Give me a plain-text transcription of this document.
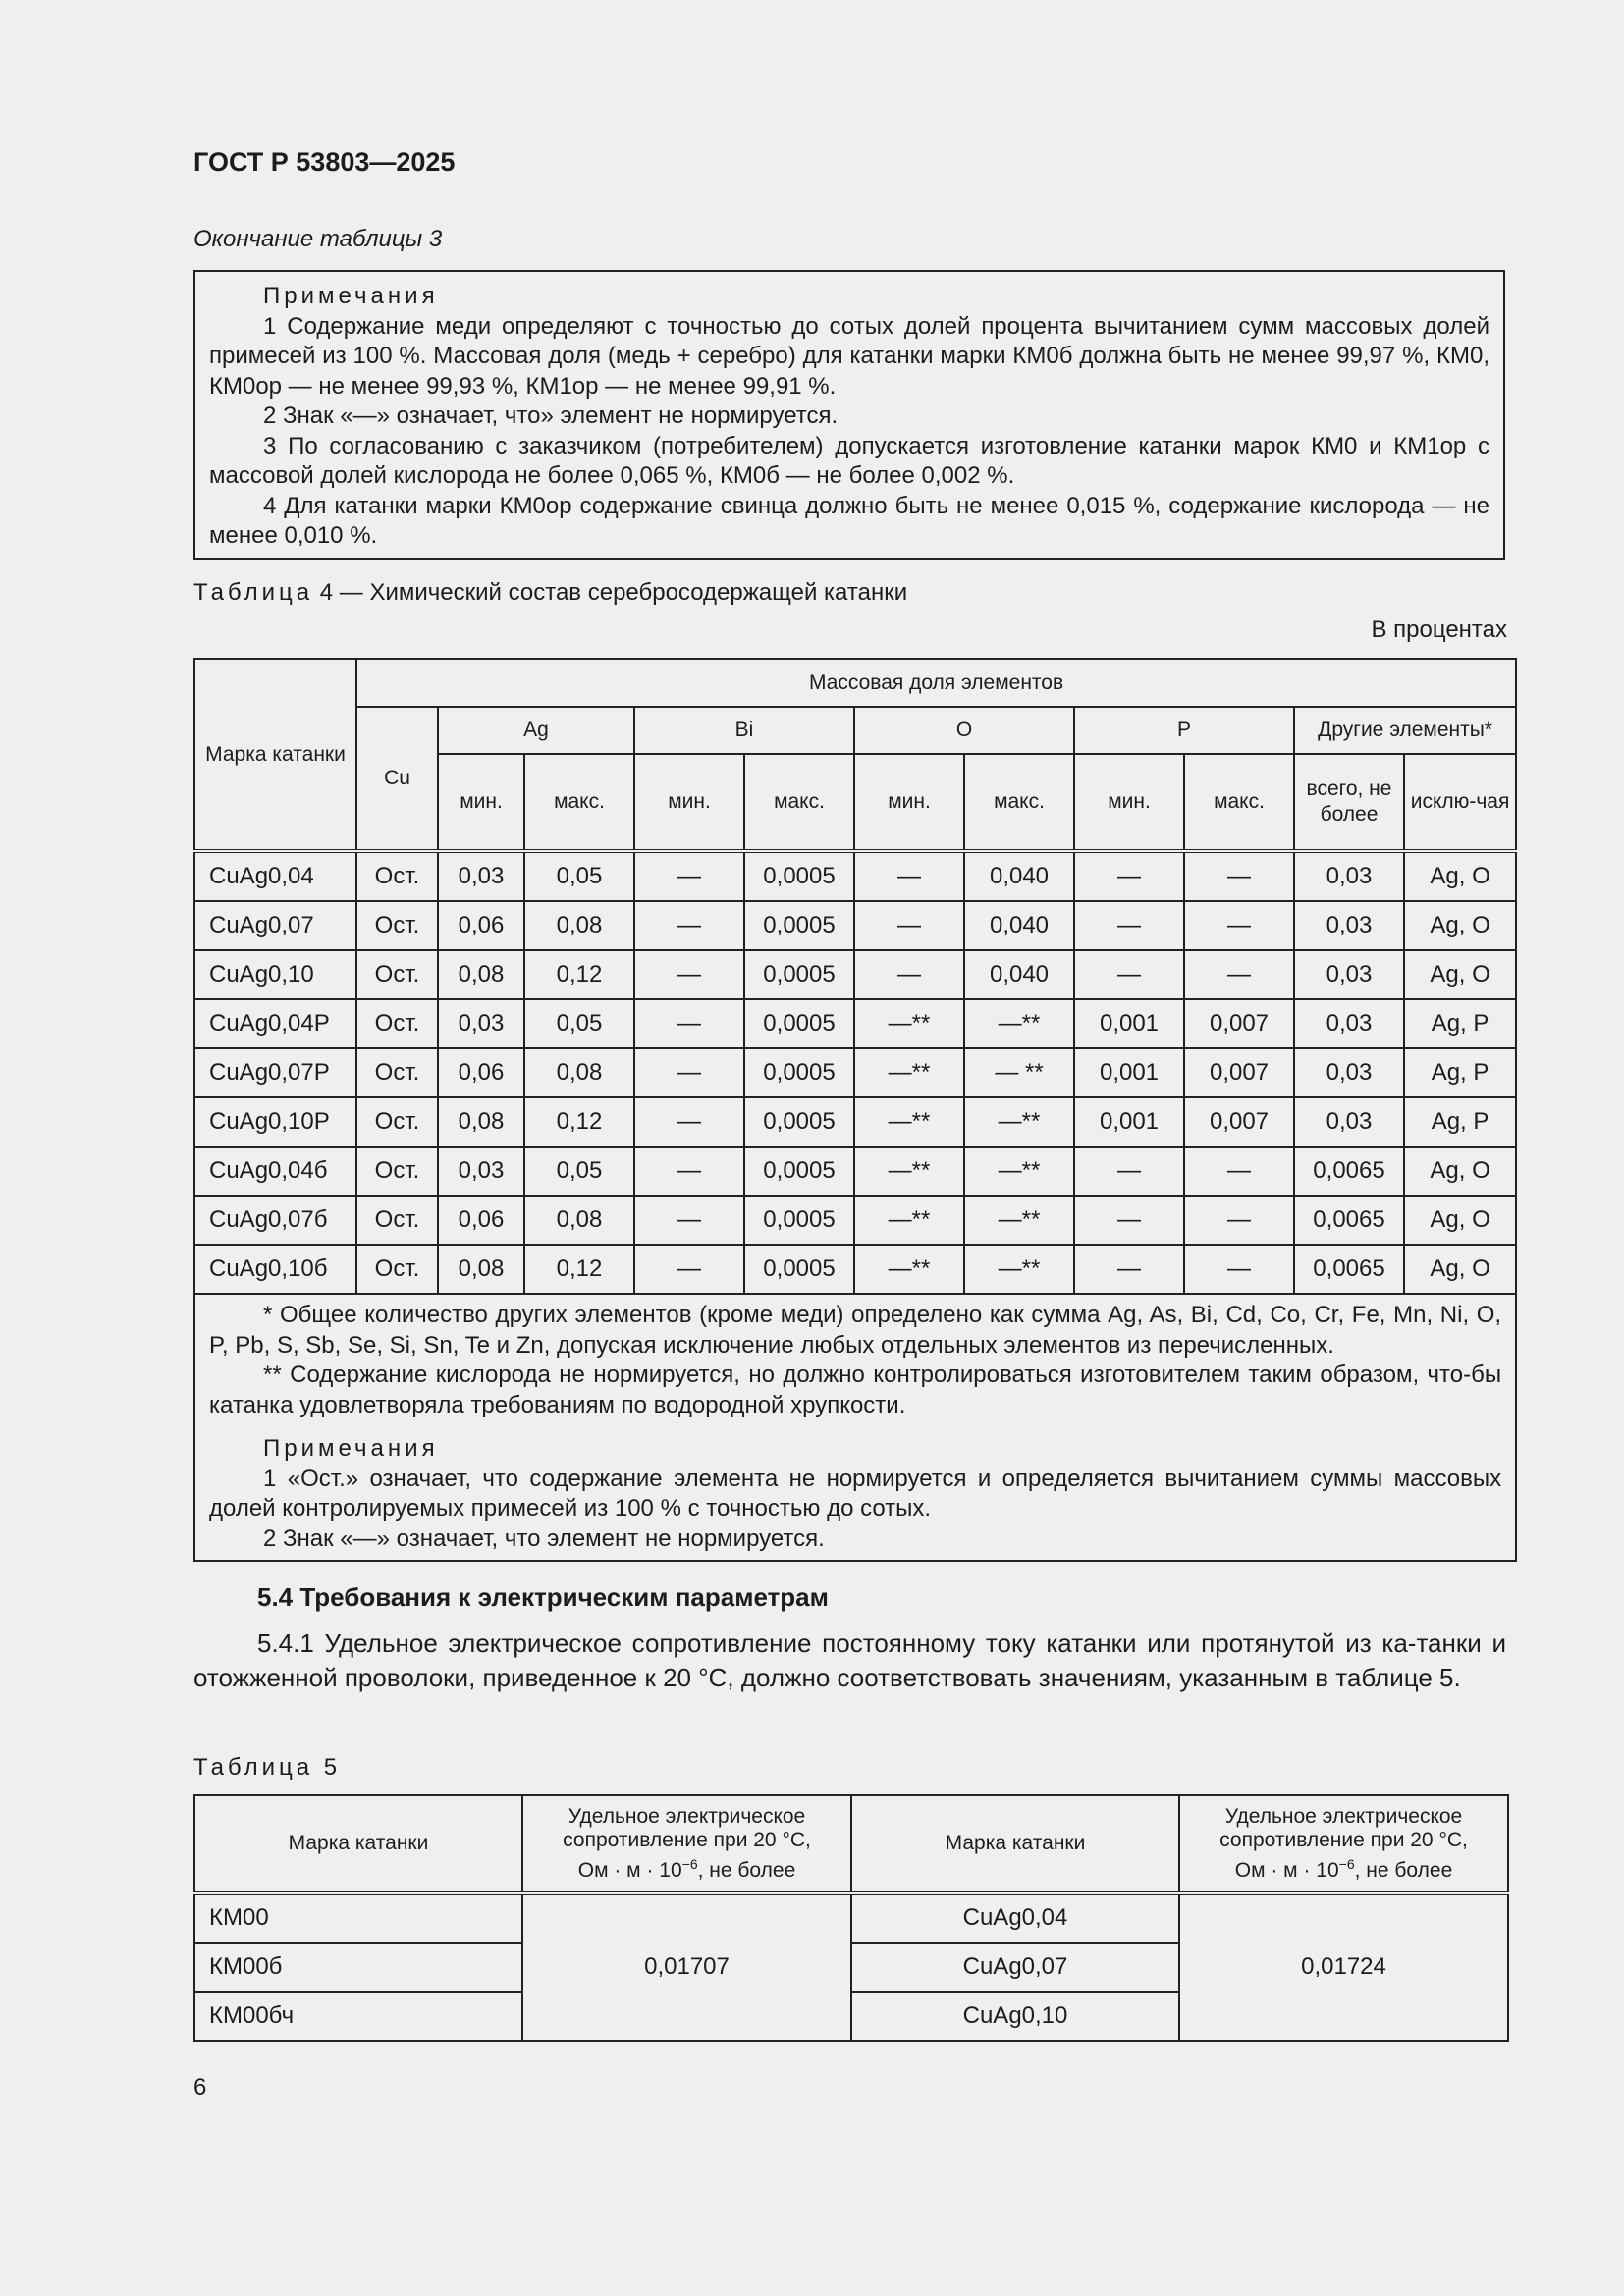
ГОСТ Р 53803—2025
Окончание таблицы 3

Примечания

1 Содержание меди определяют с точностью до сотых долей процента вычитанием сумм массовых долей примесей из 100 %. Массовая доля (медь + серебро) для катанки марки КМ0б должна быть не менее 99,97 %, КМ0, КМ0ор — не менее 99,93 %, КМ1ор — не менее 99,91 %.

2 Знак «—» означает, что» элемент не нормируется.

3 По согласованию с заказчиком (потребителем) допускается изготовление катанки марок КМ0 и КМ1ор с массовой долей кислорода не более 0,065 %, КМ0б — не более 0,002 %.

4 Для катанки марки КМ0ор содержание свинца должно быть не менее 0,015 %, содержание кислорода — не менее 0,010 %.

Таблица 4 — Химический состав серебросодержащей катанки
В процентах
Марка катанки	Массовая доля элементов										
	Cu	Ag		Bi		O		P		Другие элементы*	
		мин.	макс.	мин.	макс.	мин.	макс.	мин.	макс.	всего, не более	исклю-чая
CuAg0,04	Ост.	0,03	0,05	—	0,0005	—	0,040	—	—	0,03	Ag, O
CuAg0,07	Ост.	0,06	0,08	—	0,0005	—	0,040	—	—	0,03	Ag, O
CuAg0,10	Ост.	0,08	0,12	—	0,0005	—	0,040	—	—	0,03	Ag, O
CuAg0,04P	Ост.	0,03	0,05	—	0,0005	—**	—**	0,001	0,007	0,03	Ag, P
CuAg0,07P	Ост.	0,06	0,08	—	0,0005	—**	— **	0,001	0,007	0,03	Ag, P
CuAg0,10P	Ост.	0,08	0,12	—	0,0005	—**	—**	0,001	0,007	0,03	Ag, P
CuAg0,04б	Ост.	0,03	0,05	—	0,0005	—**	—**	—	—	0,0065	Ag, O
CuAg0,07б	Ост.	0,06	0,08	—	0,0005	—**	—**	—	—	0,0065	Ag, O
CuAg0,10б	Ост.	0,08	0,12	—	0,0005	—**	—**	—	—	0,0065	Ag, O

* Общее количество других элементов (кроме меди) определено как сумма Ag, As, Bi, Cd, Co, Cr, Fe, Mn, Ni, O, P, Pb, S, Sb, Se, Si, Sn, Te и Zn, допуская исключение любых отдельных элементов из перечисленных.

** Содержание кислорода не нормируется, но должно контролироваться изготовителем таким образом, что-бы катанка удовлетворяла требованиям по водородной хрупкости.

Примечания

1 «Ост.» означает, что содержание элемента не нормируется и определяется вычитанием суммы массовых долей контролируемых примесей из 100 % с точностью до сотых.

2 Знак «—» означает, что элемент не нормируется.											

5.4 Требования к электрическим параметрам
5.4.1 Удельное электрическое сопротивление постоянному току катанки или протянутой из ка-танки и отожженной проволоки, приведенное к 20 °С, должно соответствовать значениям, указанным в таблице 5.
Таблица 5
Марка катанки	Удельное электрическое сопротивление при 20 °С,
Ом · $м \cdot 10^{-6}$, не более	Марка катанки	Удельное электрическое сопротивление при 20 °С,
Ом · $м \cdot 10^{-6}$, не более
КМ00	0,01707	CuAg0,04	0,01724
КМ00б		CuAg0,07	
КМ00бч		CuAg0,10	
6
